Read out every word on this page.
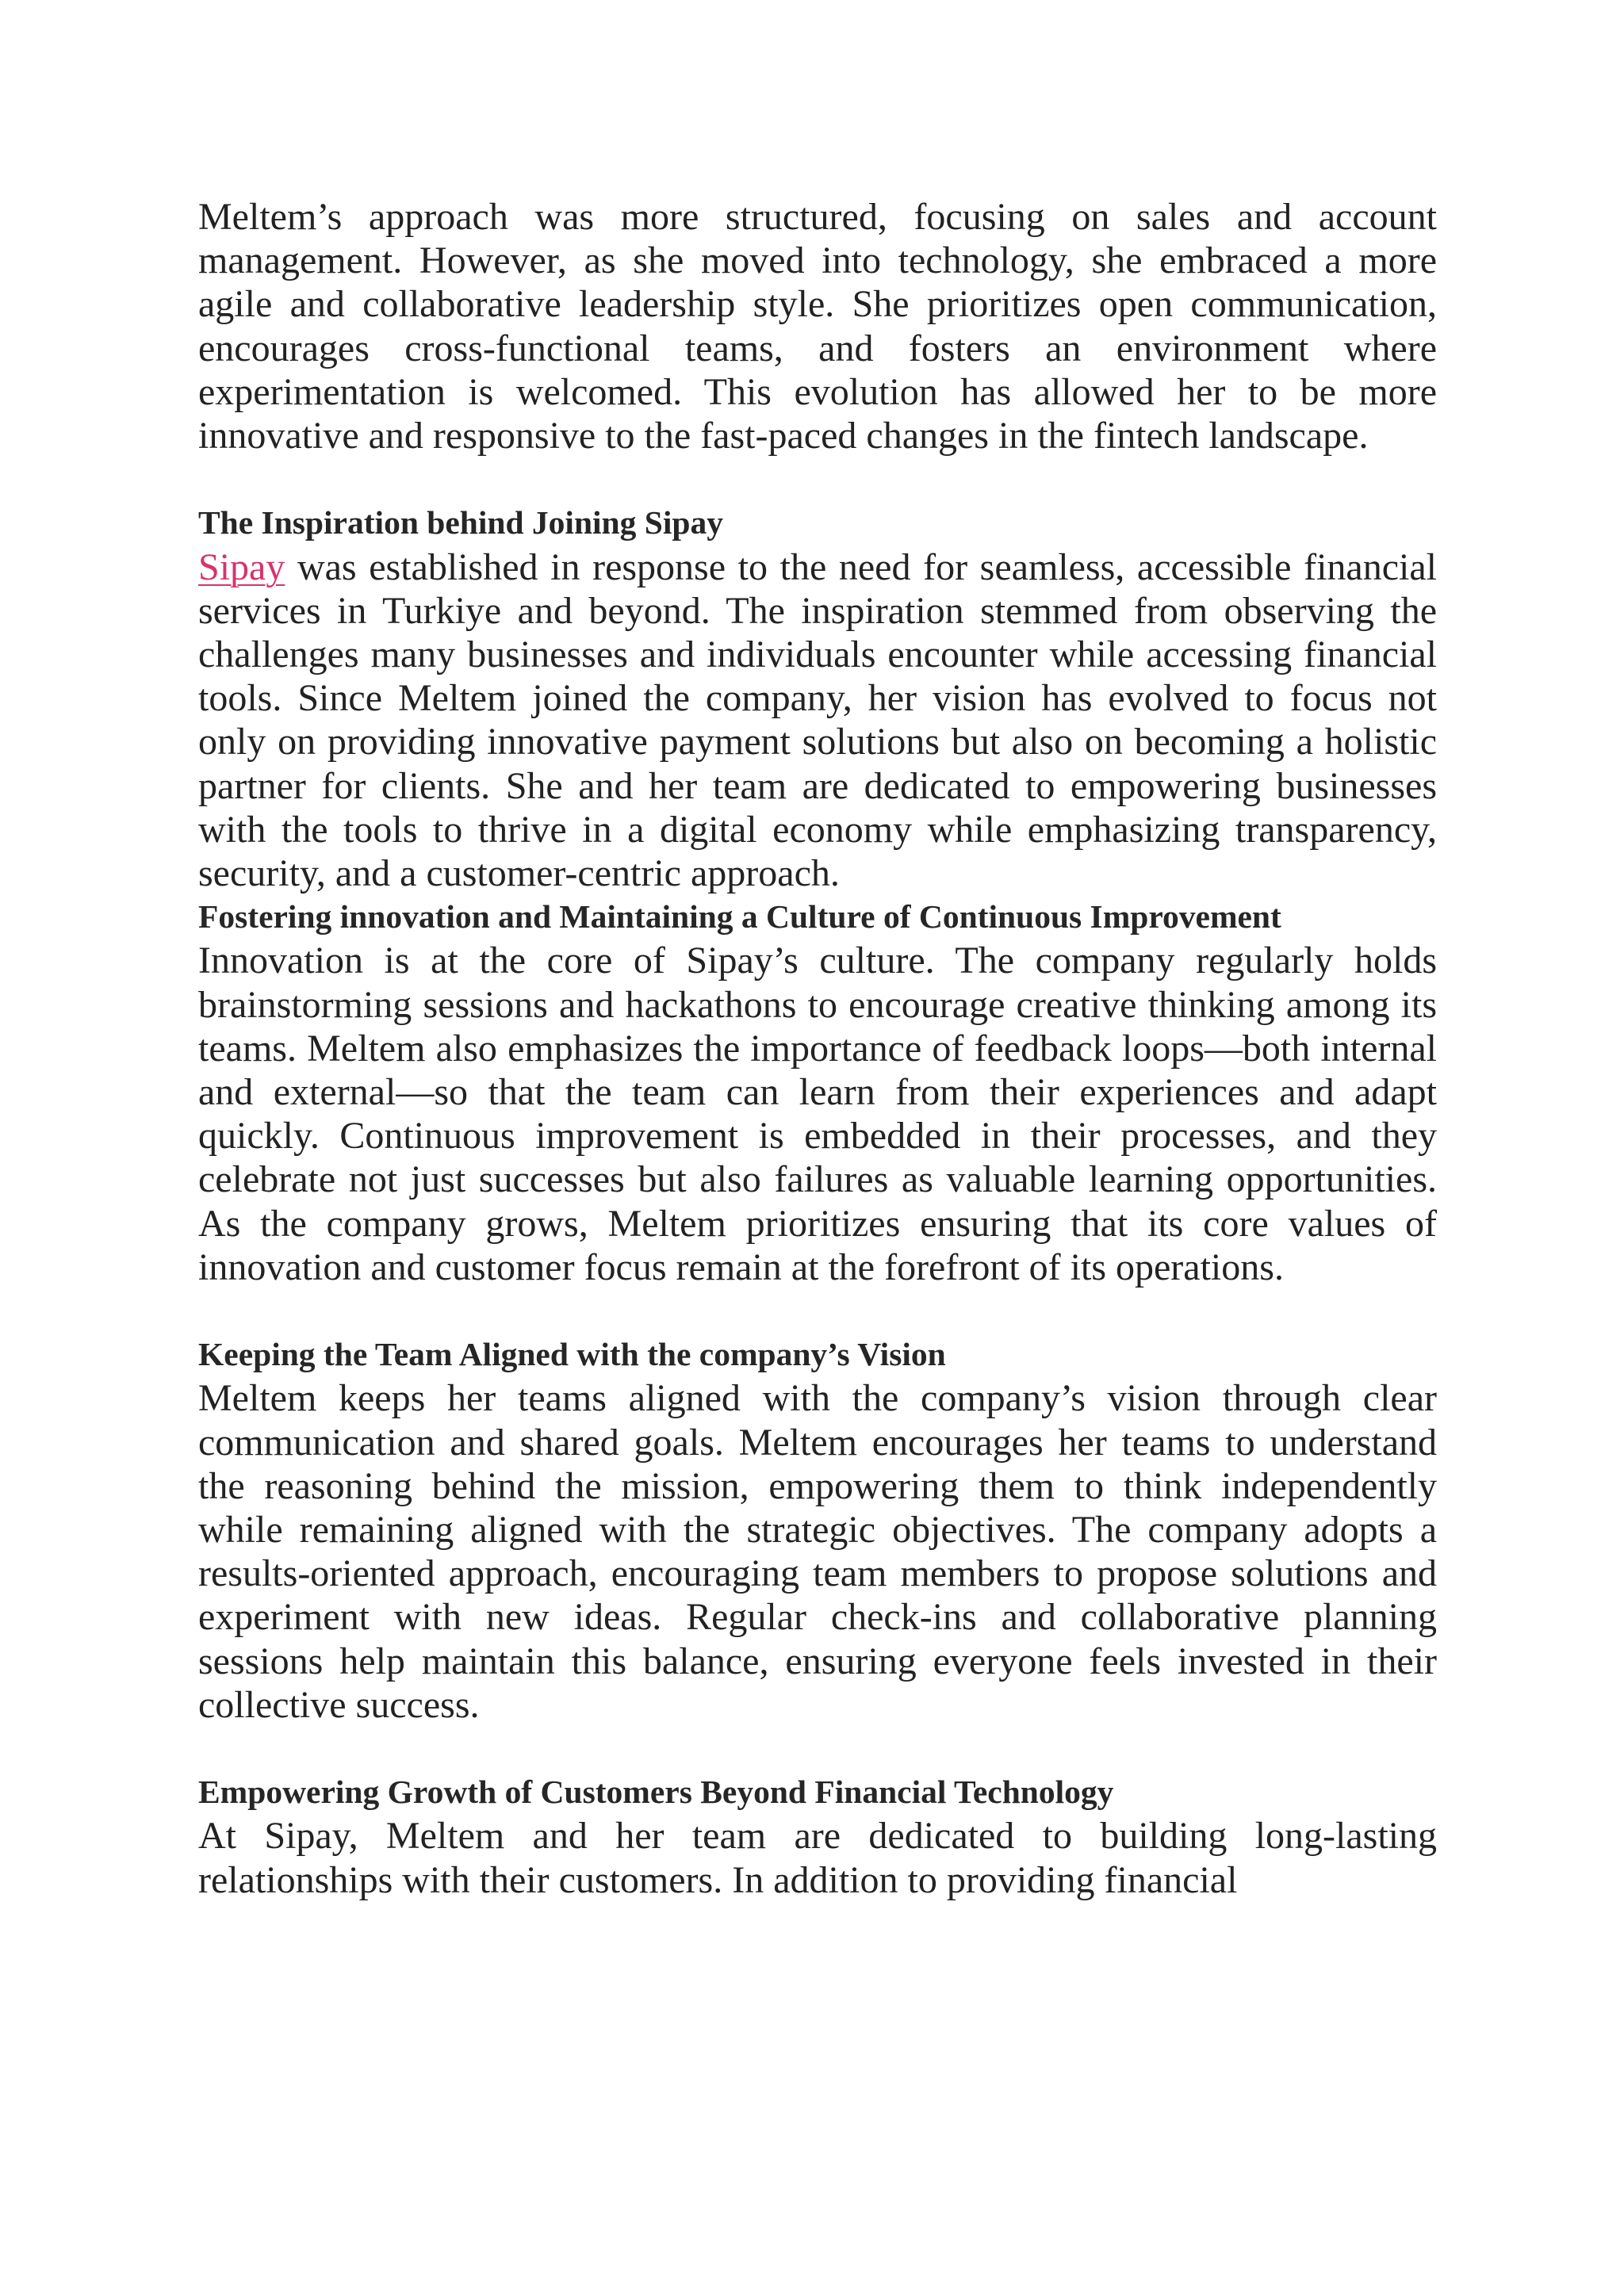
Meltem’s approach was more structured, focusing on sales and account management. However, as she moved into technology, she embraced a more agile and collaborative leadership style. She prioritizes open communication, encourages cross-functional teams, and fosters an environment where experimentation is welcomed. This evolution has allowed her to be more innovative and responsive to the fast-paced changes in the fintech landscape.

The Inspiration behind Joining Sipay

Sipay was established in response to the need for seamless, accessible financial services in Turkiye and beyond. The inspiration stemmed from observing the challenges many businesses and individuals encounter while accessing financial tools. Since Meltem joined the company, her vision has evolved to focus not only on providing innovative payment solutions but also on becoming a holistic partner for clients. She and her team are dedicated to empowering businesses with the tools to thrive in a digital economy while emphasizing transparency, security, and a customer-centric approach.

Fostering innovation and Maintaining a Culture of Continuous Improvement

Innovation is at the core of Sipay’s culture. The company regularly holds brainstorming sessions and hackathons to encourage creative thinking among its teams. Meltem also emphasizes the importance of feedback loops—both internal and external—so that the team can learn from their experiences and adapt quickly. Continuous improvement is embedded in their processes, and they celebrate not just successes but also failures as valuable learning opportunities. As the company grows, Meltem prioritizes ensuring that its core values of innovation and customer focus remain at the forefront of its operations.

Keeping the Team Aligned with the company’s Vision

Meltem keeps her teams aligned with the company’s vision through clear communication and shared goals. Meltem encourages her teams to understand the reasoning behind the mission, empowering them to think independently while remaining aligned with the strategic objectives. The company adopts a results-oriented approach, encouraging team members to propose solutions and experiment with new ideas. Regular check-ins and collaborative planning sessions help maintain this balance, ensuring everyone feels invested in their collective success.

Empowering Growth of Customers Beyond Financial Technology

At Sipay, Meltem and her team are dedicated to building long-lasting relationships with their customers. In addition to providing financial
